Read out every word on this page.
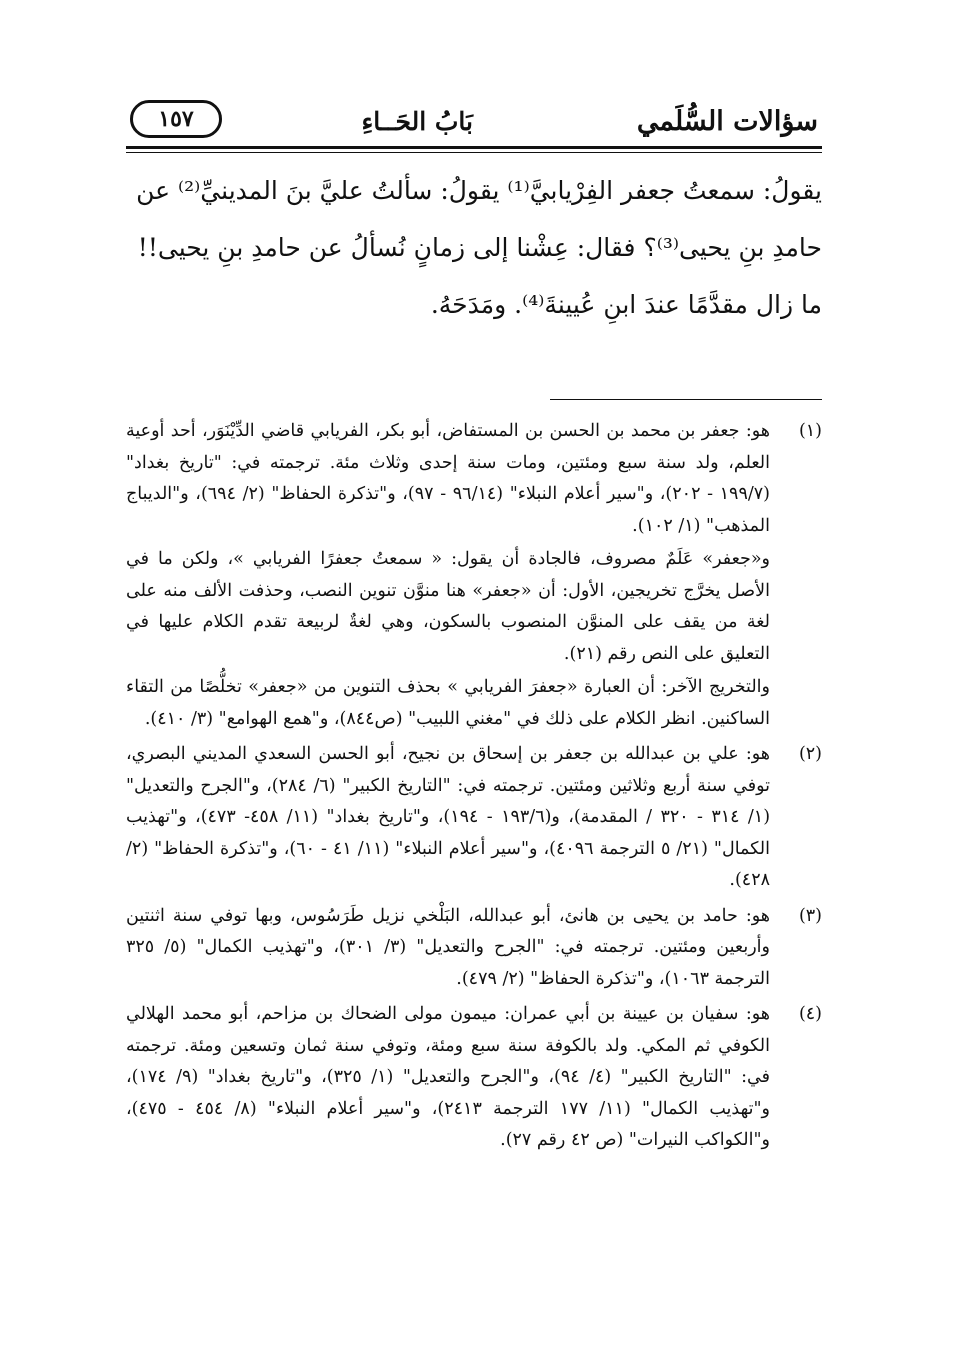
سؤالات السُّلَمي
بَابُ الحَــاءِ
١٥٧
يقولُ: سمعتُ جعفر الفِرْيابيَّ⁽¹⁾ يقولُ: سألتُ عليَّ بنَ المدينيِّ⁽²⁾ عن
حامدِ بنِ يحيى⁽³⁾؟ فقال: عِشْنا إلى زمانٍ نُسألُ عن حامدِ بنِ يحيى!!
ما زال مقدَّمًا عندَ ابنِ عُيينةَ⁽⁴⁾. ومَدَحَهُ.
(١)

هو: جعفر بن محمد بن الحسن بن المستفاض، أبو بكر، الفريابي قاضي الدِّيْنَوَر، أحد أوعية العلم، ولد سنة سبع ومئتين، ومات سنة إحدى وثلاث مئة. ترجمته في: "تاريخ بغداد" (١٩٩/٧ - ٢٠٢)، و"سير أعلام النبلاء" (٩٦/١٤ - ٩٧)، و"تذكرة الحفاظ" (٢/ ٦٩٤)، و"الديباج المذهب" (١/ ١٠٢).

و«جعفر» عَلَمٌ مصروف، فالجادة أن يقول: « سمعتُ جعفرًا الفريابي »، ولكن ما في الأصل يخرَّج تخريجين، الأول: أن «جعفر» هنا منوَّن تنوين النصب، وحذفت الألف منه على لغة من يقف على المنوَّن المنصوب بالسكون، وهي لغةٌ لربيعة تقدم الكلام عليها في التعليق على النص رقم (٢١).

والتخريج الآخر: أن العبارة «جعفرَ الفريابي » بحذف التنوين من «جعفر» تخلُّصًا من التقاء الساكنين. انظر الكلام على ذلك في "مغني اللبيب" (ص٨٤٤)، و"همع الهوامع" (٣/ ٤١٠).

(٢)

هو: علي بن عبدالله بن جعفر بن إسحاق بن نجيح، أبو الحسن السعدي المديني البصري، توفي سنة أربع وثلاثين ومئتين. ترجمته في: "التاريخ الكبير" (٦/ ٢٨٤)، و"الجرح والتعديل" (١/ ٣١٤ - ٣٢٠ / المقدمة)، و(١٩٣/٦ - ١٩٤)، و"تاريخ بغداد" (١١/ ٤٥٨- ٤٧٣)، و"تهذيب الكمال" (٢١/ ٥ الترجمة ٤٠٩٦)، و"سير أعلام النبلاء" (١١/ ٤١ - ٦٠)، و"تذكرة الحفاظ" (٢/ ٤٢٨).

(٣)

هو: حامد بن يحيى بن هانئ، أبو عبدالله، البَلْخي نزيل طَرَسُوس، وبها توفي سنة اثنتين وأربعين ومئتين. ترجمته في: "الجرح والتعديل" (٣/ ٣٠١)، و"تهذيب الكمال" (٥/ ٣٢٥ الترجمة ١٠٦٣)، و"تذكرة الحفاظ" (٢/ ٤٧٩).

(٤)

هو: سفيان بن عيينة بن أبي عمران: ميمون مولى الضحاك بن مزاحم، أبو محمد الهلالي الكوفي ثم المكي. ولد بالكوفة سنة سبع ومئة، وتوفي سنة ثمان وتسعين ومئة. ترجمته في: "التاريخ الكبير" (٤/ ٩٤)، و"الجرح والتعديل" (١/ ٣٢٥)، و"تاريخ بغداد" (٩/ ١٧٤)، و"تهذيب الكمال" (١١/ ١٧٧ الترجمة ٢٤١٣)، و"سير أعلام النبلاء" (٨/ ٤٥٤ - ٤٧٥)، و"الكواكب النيرات" (ص ٤٢ رقم ٢٧).
